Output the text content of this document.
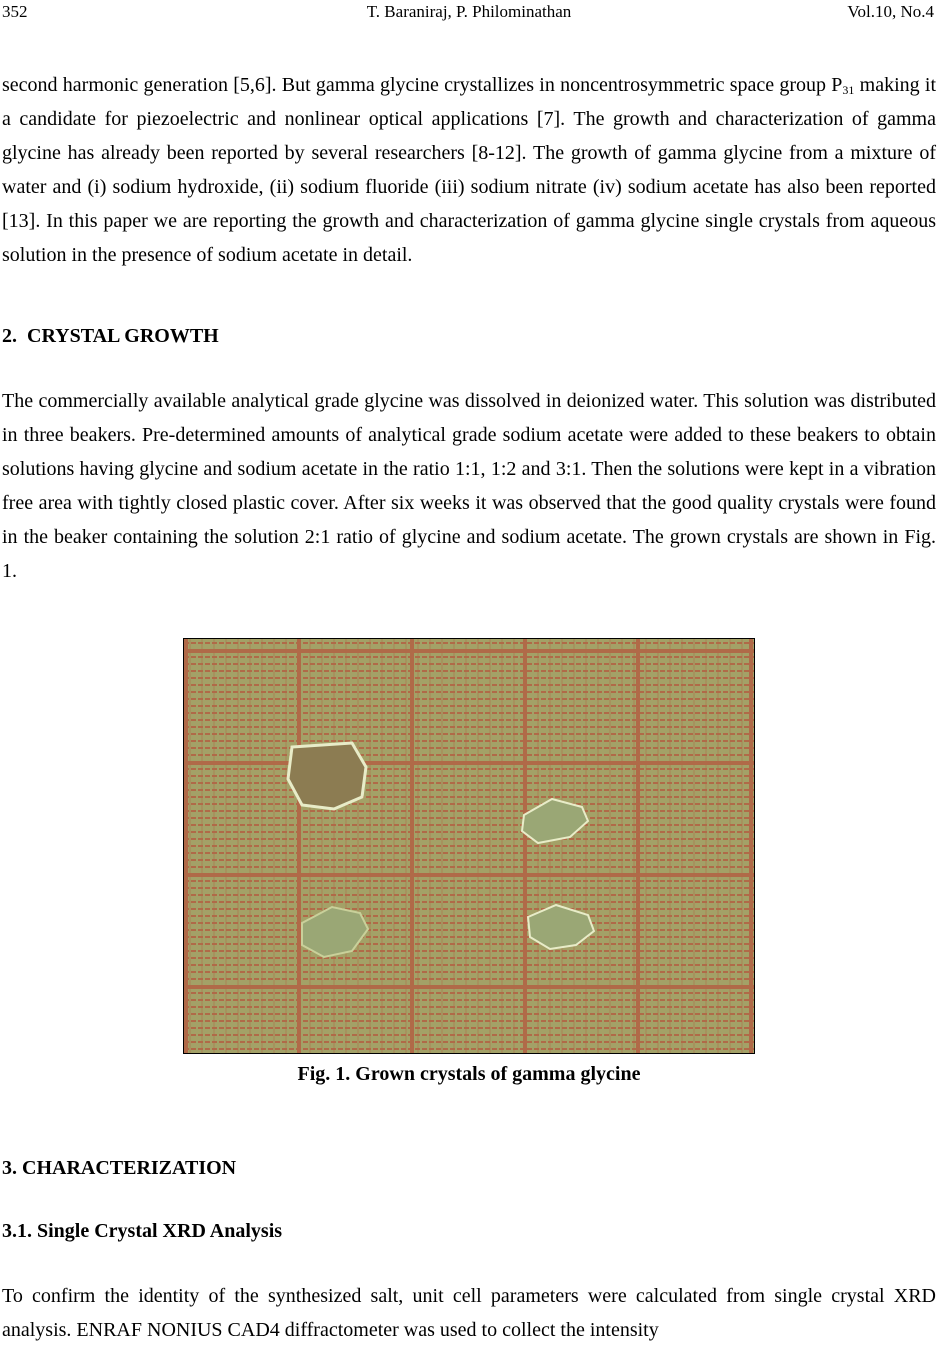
352	T. Baraniraj, P. Philominathan	Vol.10, No.4
second harmonic generation [5,6]. But gamma glycine crystallizes in noncentrosymmetric space group $P_{31}$ making it a candidate for piezoelectric and nonlinear optical applications [7]. The growth and characterization of gamma glycine has already been reported by several researchers [8-12]. The growth of gamma glycine from a mixture of water and (i) sodium hydroxide, (ii) sodium fluoride (iii) sodium nitrate (iv) sodium acetate has also been reported [13]. In this paper we are reporting the growth and characterization of gamma glycine single crystals from aqueous solution in the presence of sodium acetate in detail.
2.  CRYSTAL GROWTH
The commercially available analytical grade glycine was dissolved in deionized water. This solution was distributed in three beakers. Pre-determined amounts of analytical grade sodium acetate were added to these beakers to obtain solutions having glycine and sodium acetate in the ratio 1:1, 1:2 and 3:1. Then the solutions were kept in a vibration free area with tightly closed plastic cover. After six weeks it was observed that the good quality crystals were found in the beaker containing the solution 2:1 ratio of glycine and sodium acetate. The grown crystals are shown in Fig. 1.
Fig. 1. Grown crystals of gamma glycine
3. CHARACTERIZATION
3.1. Single Crystal XRD Analysis
To confirm the identity of the synthesized salt, unit cell parameters were calculated from single crystal XRD analysis. ENRAF NONIUS CAD4 diffractometer was used to collect the intensity
